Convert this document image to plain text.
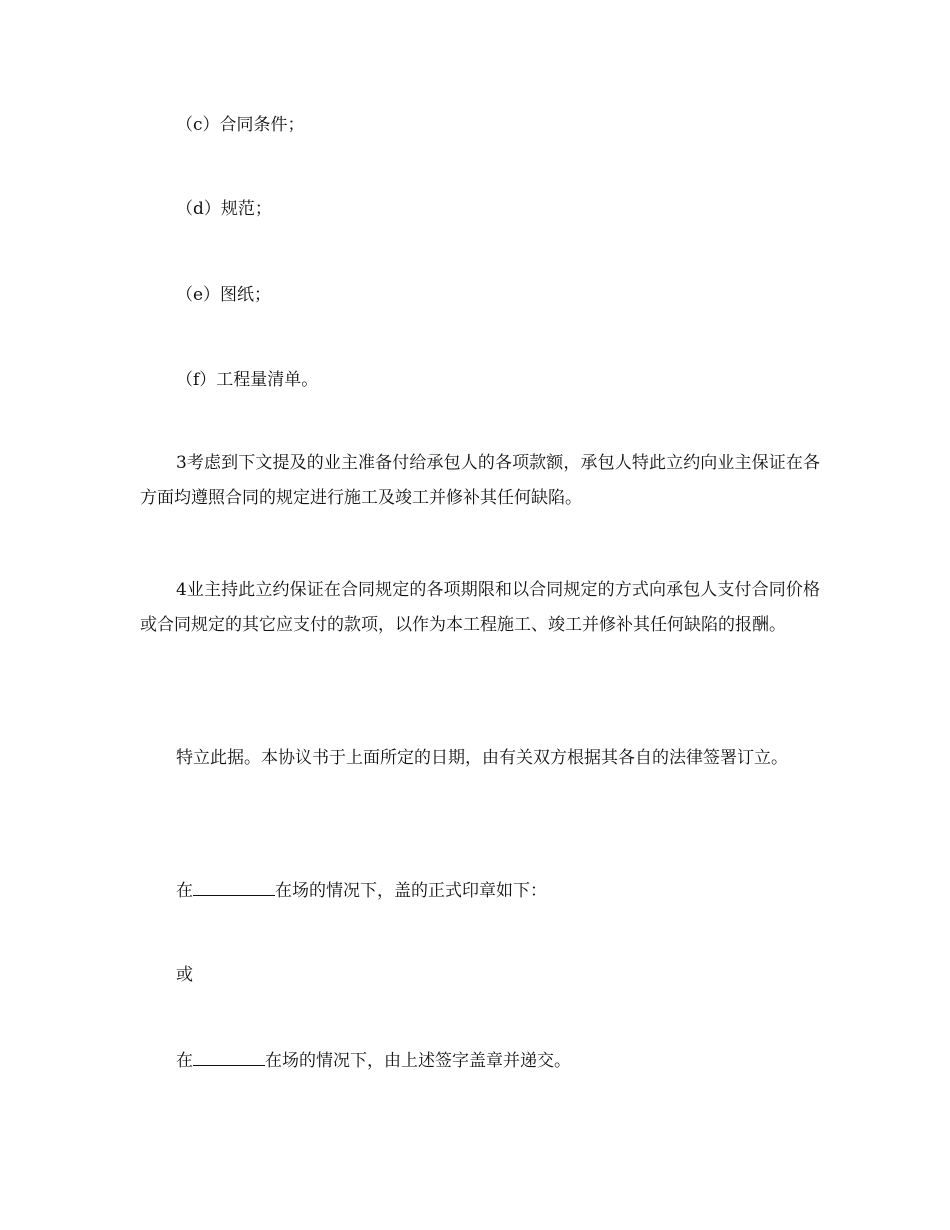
（c）合同条件；
（d）规范；
（e）图纸；
（f）工程量清单。
3考虑到下文提及的业主准备付给承包人的各项款额，承包人特此立约向业主保证在各方面均遵照合同的规定进行施工及竣工并修补其任何缺陷。
4业主持此立约保证在合同规定的各项期限和以合同规定的方式向承包人支付合同价格或合同规定的其它应支付的款项，以作为本工程施工、竣工并修补其任何缺陷的报酬。
特立此据。本协议书于上面所定的日期，由有关双方根据其各自的法律签署订立。
在	在场的情况下，盖的正式印章如下：
或
在	在场的情况下，由上述签字盖章并递交。
